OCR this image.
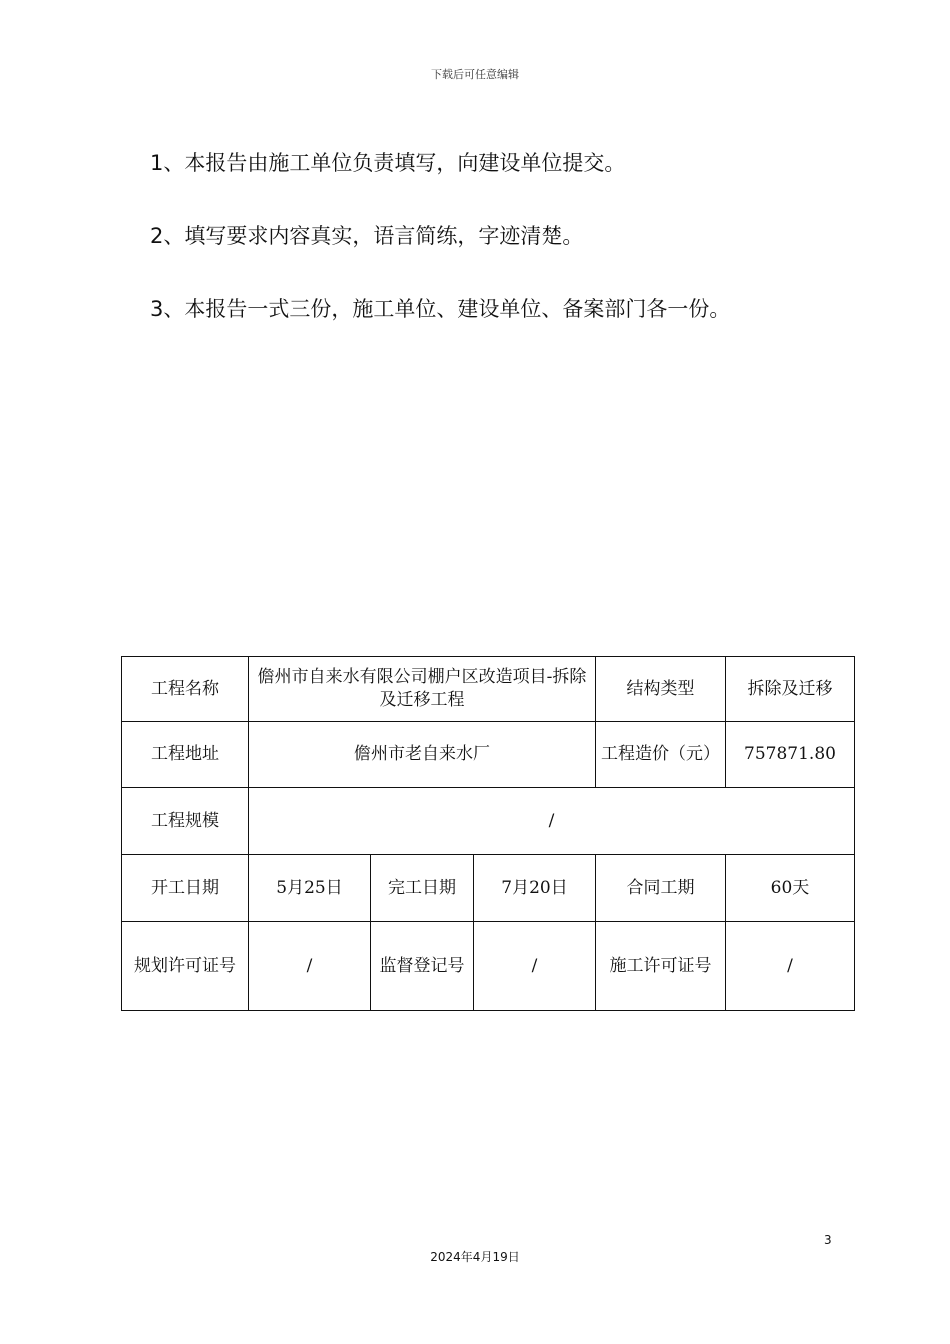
下载后可任意编辑
1、本报告由施工单位负责填写，向建设单位提交。
2、填写要求内容真实，语言简练，字迹清楚。
3、本报告一式三份，施工单位、建设单位、备案部门各一份。
工程名称	儋州市自来水有限公司棚户区改造项目-拆除及迁移工程			结构类型	拆除及迁移
工程地址	儋州市老自来水厂			工程造价（元）	757871.80
工程规模	/				
开工日期	5月25日	完工日期	7月20日	合同工期	60天
规划许可证号	/	监督登记号	/	施工许可证号	/
3
2024年4月19日
